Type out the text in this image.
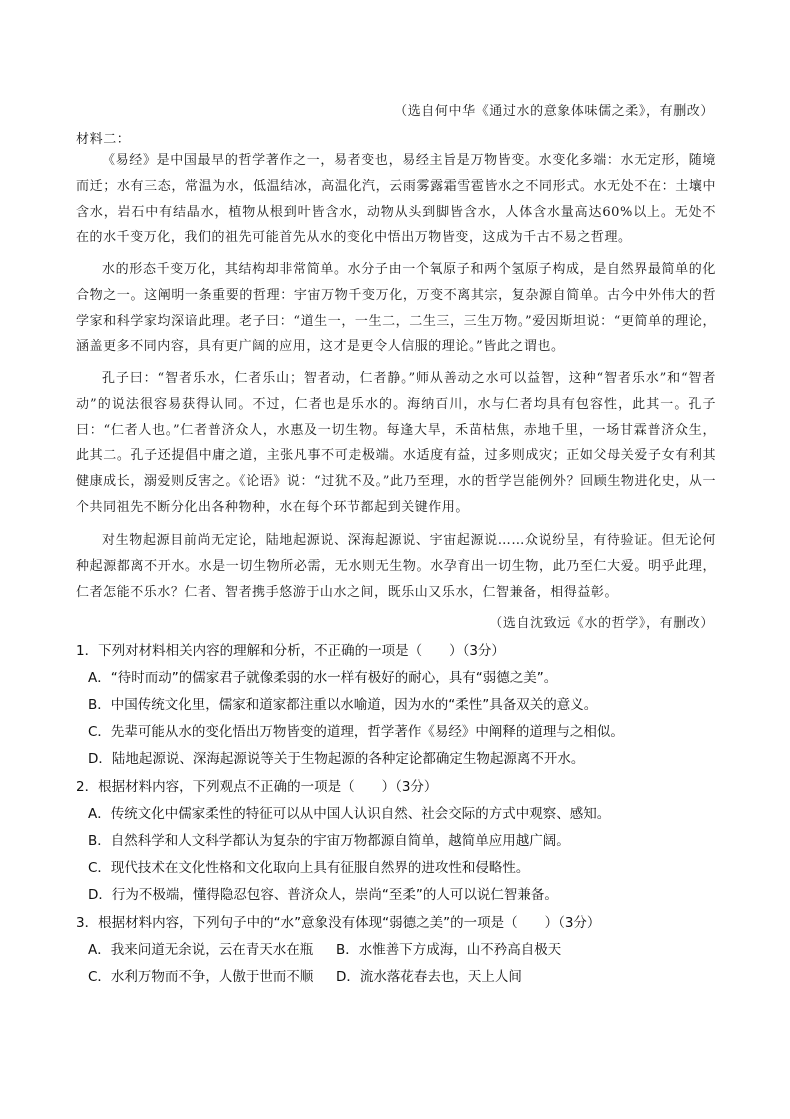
（选自何中华《通过水的意象体味儒之柔》，有删改）
材料二：

《易经》是中国最早的哲学著作之一，易者变也，易经主旨是万物皆变。水变化多端：水无定形，随境而迁；水有三态，常温为水，低温结冰，高温化汽，云雨雾露霜雪雹皆水之不同形式。水无处不在：土壤中含水，岩石中有结晶水，植物从根到叶皆含水，动物从头到脚皆含水，人体含水量高达60%以上。无处不在的水千变万化，我们的祖先可能首先从水的变化中悟出万物皆变，这成为千古不易之哲理。

水的形态千变万化，其结构却非常简单。水分子由一个氧原子和两个氢原子构成，是自然界最简单的化合物之一。这阐明一条重要的哲理：宇宙万物千变万化，万变不离其宗，复杂源自简单。古今中外伟大的哲学家和科学家均深谙此理。老子曰：“道生一，一生二，二生三，三生万物。”爱因斯坦说：“更简单的理论，涵盖更多不同内容，具有更广阔的应用，这才是更令人信服的理论。”皆此之谓也。

孔子曰：“智者乐水，仁者乐山；智者动，仁者静。”师从善动之水可以益智，这种“智者乐水”和“智者动”的说法很容易获得认同。不过，仁者也是乐水的。海纳百川，水与仁者均具有包容性，此其一。孔子曰：“仁者人也。”仁者普济众人，水惠及一切生物。每逢大旱，禾苗枯焦，赤地千里，一场甘霖普济众生，此其二。孔子还提倡中庸之道，主张凡事不可走极端。水适度有益，过多则成灾；正如父母关爱子女有利其健康成长，溺爱则反害之。《论语》说：“过犹不及。”此乃至理，水的哲学岂能例外？回顾生物进化史，从一个共同祖先不断分化出各种物种，水在每个环节都起到关键作用。

对生物起源目前尚无定论，陆地起源说、深海起源说、宇宙起源说……众说纷呈，有待验证。但无论何种起源都离不开水。水是一切生物所必需，无水则无生物。水孕育出一切生物，此乃至仁大爱。明乎此理，仁者怎能不乐水？仁者、智者携手悠游于山水之间，既乐山又乐水，仁智兼备，相得益彰。

（选自沈致远《水的哲学》，有删改）

1．下列对材料相关内容的理解和分析，不正确的一项是（　　）（3分）

A．“待时而动”的儒家君子就像柔弱的水一样有极好的耐心，具有“弱德之美”。

B．中国传统文化里，儒家和道家都注重以水喻道，因为水的“柔性”具备双关的意义。

C．先辈可能从水的变化悟出万物皆变的道理，哲学著作《易经》中阐释的道理与之相似。

D．陆地起源说、深海起源说等关于生物起源的各种定论都确定生物起源离不开水。

2．根据材料内容，下列观点不正确的一项是（　　）（3分）

A．传统文化中儒家柔性的特征可以从中国人认识自然、社会交际的方式中观察、感知。

B．自然科学和人文科学都认为复杂的宇宙万物都源自简单，越简单应用越广阔。

C．现代技术在文化性格和文化取向上具有征服自然界的进攻性和侵略性。

D．行为不极端，懂得隐忍包容、普济众人，崇尚“至柔”的人可以说仁智兼备。

3．根据材料内容，下列句子中的“水”意象没有体现“弱德之美”的一项是（　　）（3分）

A．我来问道无余说，云在青天水在瓶 B．水惟善下方成海，山不矜高自极天

C．水利万物而不争，人傲于世而不顺 D．流水落花春去也，天上人间
